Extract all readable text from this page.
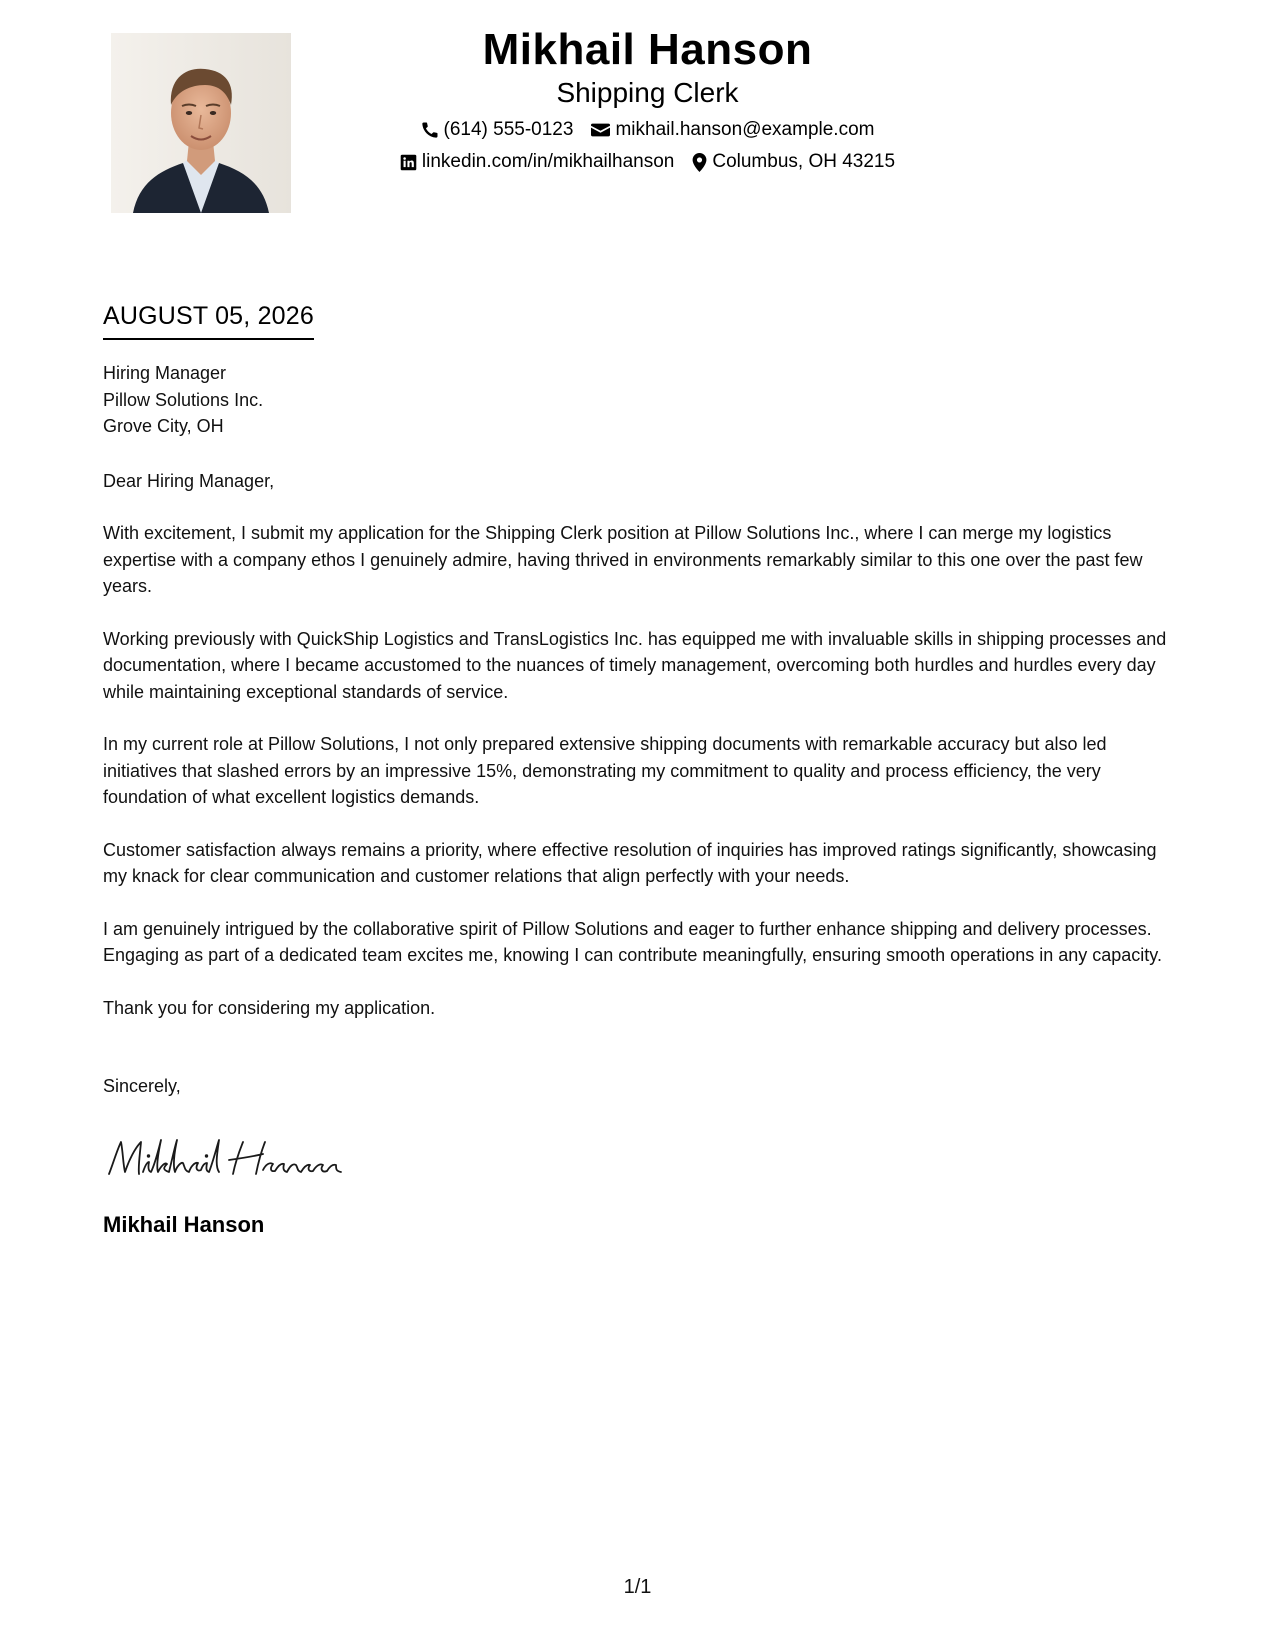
Mikhail Hanson
Shipping Clerk
(614) 555-0123 mikhail.hanson@example.com
linkedin.com/in/mikhailhanson Columbus, OH 43215
AUGUST 05, 2026
Hiring Manager
Pillow Solutions Inc.
Grove City, OH
Dear Hiring Manager,
With excitement, I submit my application for the Shipping Clerk position at Pillow Solutions Inc., where I can merge my logistics expertise with a company ethos I genuinely admire, having thrived in environments remarkably similar to this one over the past few years.
Working previously with QuickShip Logistics and TransLogistics Inc. has equipped me with invaluable skills in shipping processes and documentation, where I became accustomed to the nuances of timely management, overcoming both hurdles and hurdles every day while maintaining exceptional standards of service.
In my current role at Pillow Solutions, I not only prepared extensive shipping documents with remarkable accuracy but also led initiatives that slashed errors by an impressive 15%, demonstrating my commitment to quality and process efficiency, the very foundation of what excellent logistics demands.
Customer satisfaction always remains a priority, where effective resolution of inquiries has improved ratings significantly, showcasing my knack for clear communication and customer relations that align perfectly with your needs.
I am genuinely intrigued by the collaborative spirit of Pillow Solutions and eager to further enhance shipping and delivery processes. Engaging as part of a dedicated team excites me, knowing I can contribute meaningfully, ensuring smooth operations in any capacity.
Thank you for considering my application.
Sincerely,
Mikhail Hanson
1/1
